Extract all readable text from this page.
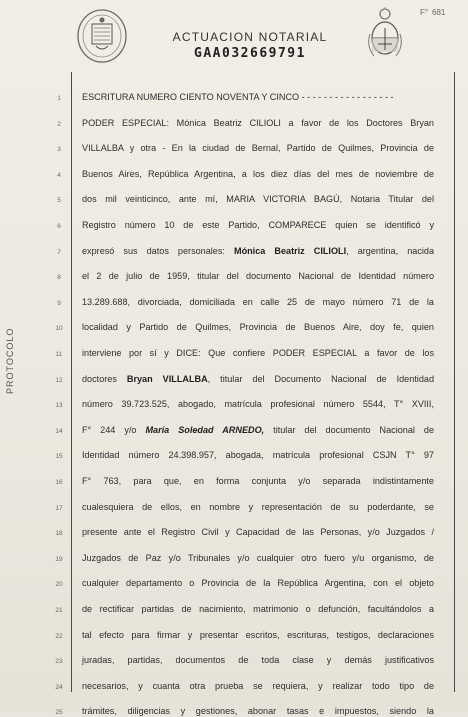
F° 681
ACTUACION NOTARIAL
GAA032669791
PROTOCOLO
1	ESCRITURA NUMERO CIENTO NOVENTA Y CINCO - - - - - - - - - - - - - - - - -
2	PODER ESPECIAL: Mónica Beatriz CILIOLI a favor de los Doctores Bryan
3	VILLALBA y otra - En la ciudad de Bernal, Partido de Quilmes, Provincia de
4	Buenos Aires, República Argentina, a los diez días del mes de noviembre de
5	dos mil veinticinco, ante mí, MARIA VICTORIA BAGÚ, Notaria Titular del
6	Registro número 10 de este Partido, COMPARECE quien se identificó y
7	expresó sus datos personales: Mónica Beatriz CILIOLI, argentina, nacida
8	el 2 de julio de 1959, titular del documento Nacional de Identidad número
9	13.289.688, divorciada, domiciliada en calle 25 de mayo número 71 de la
10	localidad y Partido de Quilmes, Provincia de Buenos Aire, doy fe, quien
11	interviene por sí y DICE: Que confiere PODER ESPECIAL a favor de los
12	doctores Bryan VILLALBA, titular del Documento Nacional de Identidad
13	número 39.723.525, abogado, matrícula profesional número 5544, T° XVIII,
14	F° 244 y/o María Soledad ARNEDO, titular del documento Nacional de
15	Identidad número 24.398.957, abogada, matrícula profesional CSJN T° 97
16	F° 763, para que, en forma conjunta y/o separada indistintamente
17	cualesquiera de ellos, en nombre y representación de su poderdante, se
18	presente ante el Registro Civil y Capacidad de las Personas, y/o Juzgados /
19	Juzgados de Paz y/o Tribunales y/o cualquier otro fuero y/u organismo, de
20	cualquier departamento o Provincia de la República Argentina, con el objeto
21	de rectificar partidas de nacimiento, matrimonio o defunción, facultándolos a
22	tal efecto para firmar y presentar escritos, escrituras, testigos, declaraciones
23	juradas, partidas, documentos de toda clase y demás justificativos
24	necesarios, y cuanta otra prueba se requiera, y realizar todo tipo de
25	trámites, diligencias y gestiones, abonar tasas e impuestos, siendo la
